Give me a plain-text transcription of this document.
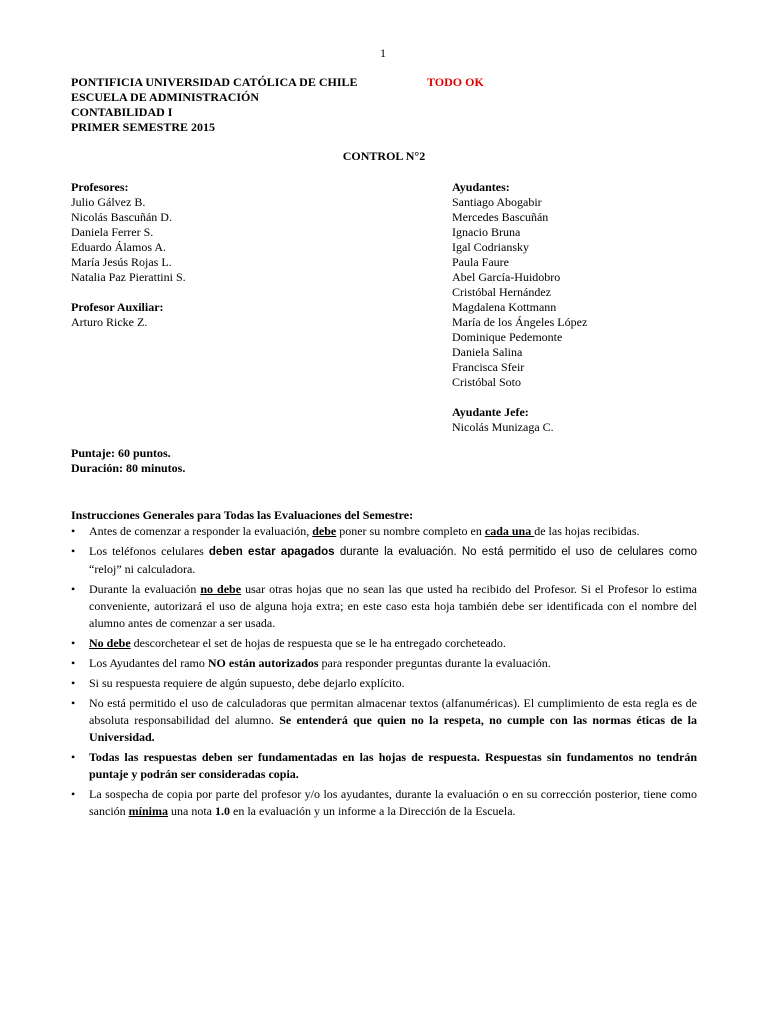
1
PONTIFICIA UNIVERSIDAD CATÓLICA DE CHILE
ESCUELA DE ADMINISTRACIÓN
CONTABILIDAD I
PRIMER SEMESTRE 2015
TODO OK
CONTROL N°2
Profesores:
Julio Gálvez B.
Nicolás Bascuñán D.
Daniela Ferrer S.
Eduardo Álamos A.
María Jesús Rojas L.
Natalia Paz Pierattini S.
Profesor Auxiliar:
Arturo Ricke Z.
Ayudantes:
Santiago Abogabir
Mercedes Bascuñán
Ignacio Bruna
Igal Codriansky
Paula Faure
Abel García-Huidobro
Cristóbal Hernández
Magdalena Kottmann
María de los Ángeles López
Dominique Pedemonte
Daniela Salina
Francisca Sfeir
Cristóbal Soto
Ayudante Jefe:
Nicolás Munizaga C.
Puntaje: 60 puntos.
Duración: 80 minutos.
Instrucciones Generales para Todas las Evaluaciones del Semestre:
• Antes de comenzar a responder la evaluación, debe poner su nombre completo en cada una de las hojas recibidas.
• Los teléfonos celulares deben estar apagados durante la evaluación. No está permitido el uso de celulares como “reloj” ni calculadora.
• Durante la evaluación no debe usar otras hojas que no sean las que usted ha recibido del Profesor. Si el Profesor lo estima conveniente, autorizará el uso de alguna hoja extra; en este caso esta hoja también debe ser identificada con el nombre del alumno antes de comenzar a ser usada.
• No debe descorchetear el set de hojas de respuesta que se le ha entregado corcheteado.
• Los Ayudantes del ramo NO están autorizados para responder preguntas durante la evaluación.
• Si su respuesta requiere de algún supuesto, debe dejarlo explícito.
• No está permitido el uso de calculadoras que permitan almacenar textos (alfanuméricas). El cumplimiento de esta regla es de absoluta responsabilidad del alumno. Se entenderá que quien no la respeta, no cumple con las normas éticas de la Universidad.
• Todas las respuestas deben ser fundamentadas en las hojas de respuesta. Respuestas sin fundamentos no tendrán puntaje y podrán ser consideradas copia.
• La sospecha de copia por parte del profesor y/o los ayudantes, durante la evaluación o en su corrección posterior, tiene como sanción mínima una nota 1.0 en la evaluación y un informe a la Dirección de la Escuela.
